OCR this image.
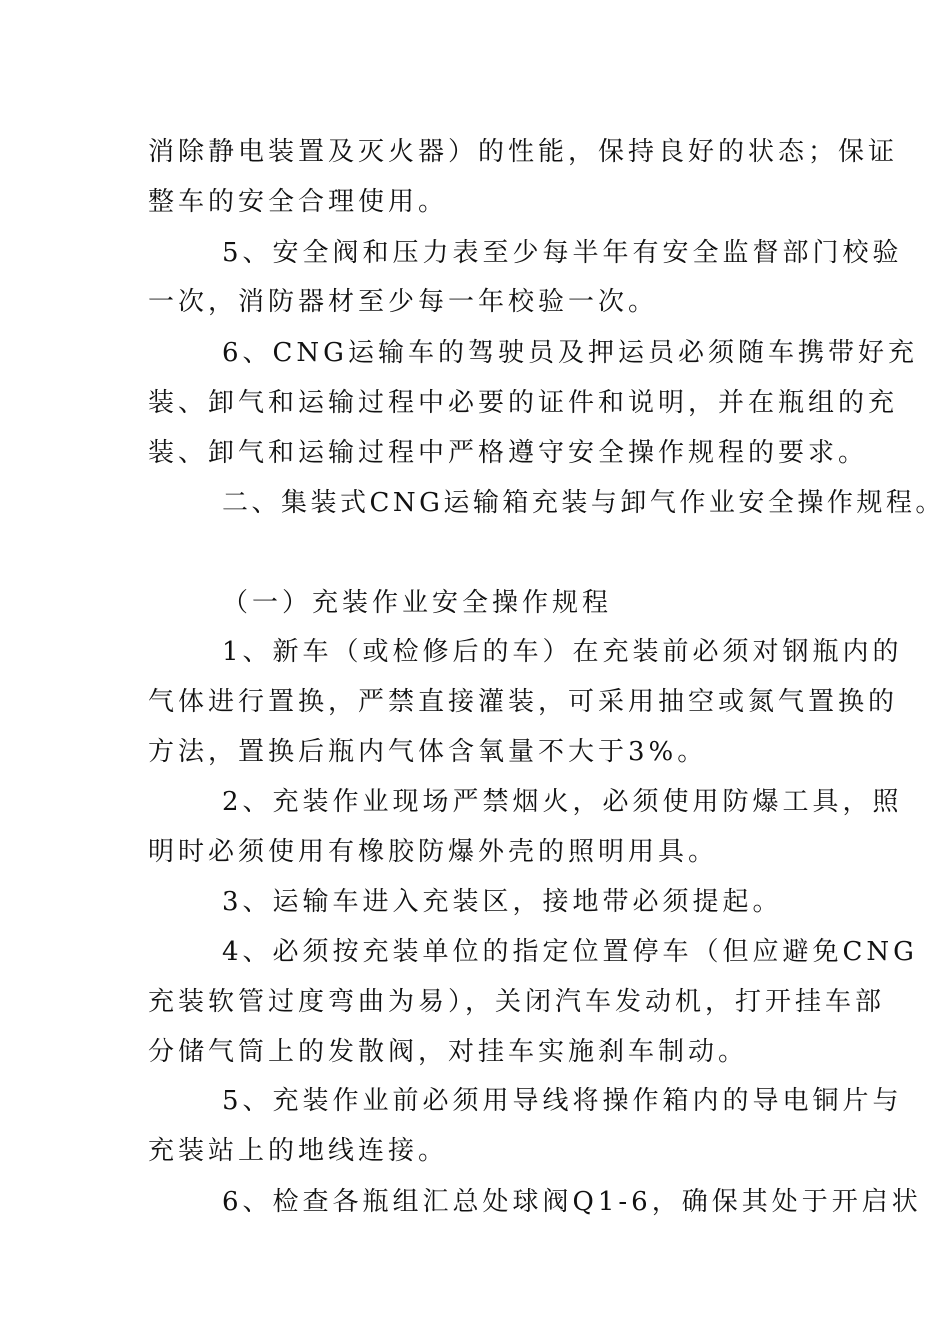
消除静电装置及灭火器）的性能，保持良好的状态；保证
整车的安全合理使用。
5、安全阀和压力表至少每半年有安全监督部门校验
一次，消防器材至少每一年校验一次。
6、CNG运输车的驾驶员及押运员必须随车携带好充
装、卸气和运输过程中必要的证件和说明，并在瓶组的充
装、卸气和运输过程中严格遵守安全操作规程的要求。
二、集装式CNG运输箱充装与卸气作业安全操作规程。
（一）充装作业安全操作规程
1、新车（或检修后的车）在充装前必须对钢瓶内的
气体进行置换，严禁直接灌装，可采用抽空或氮气置换的
方法，置换后瓶内气体含氧量不大于3%。
2、充装作业现场严禁烟火，必须使用防爆工具，照
明时必须使用有橡胶防爆外壳的照明用具。
3、运输车进入充装区，接地带必须提起。
4、必须按充装单位的指定位置停车（但应避免CNG
充装软管过度弯曲为易），关闭汽车发动机，打开挂车部
分储气筒上的发散阀，对挂车实施刹车制动。
5、充装作业前必须用导线将操作箱内的导电铜片与
充装站上的地线连接。
6、检查各瓶组汇总处球阀Q1-6，确保其处于开启状
